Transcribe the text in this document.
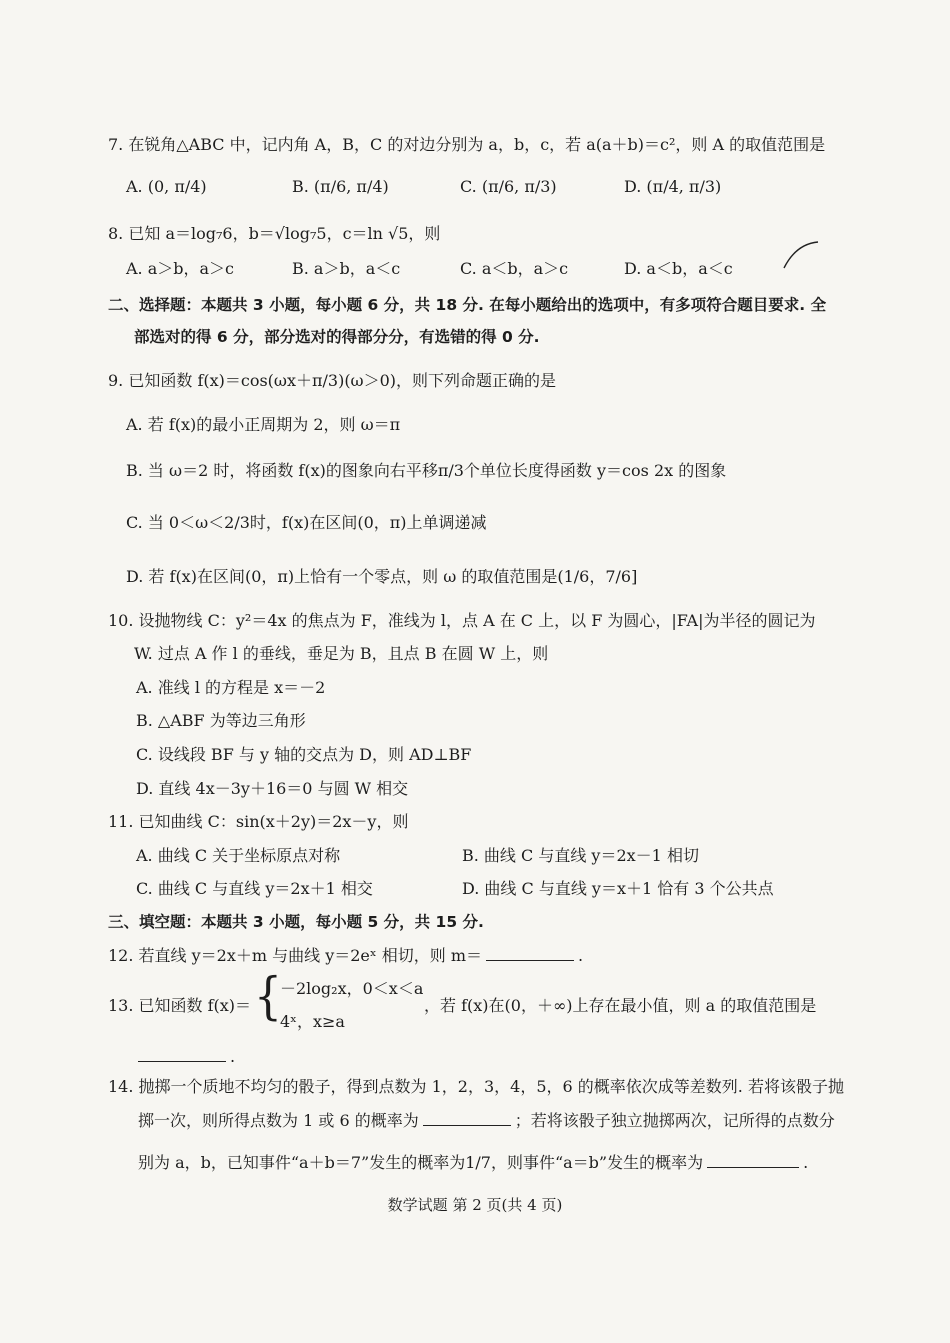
7. 在锐角△ABC 中，记内角 A，B，C 的对边分别为 a，b，c，若 a(a＋b)＝c²，则 A 的取值范围是
A. (0, π/4)	B. (π/6, π/4)	C. (π/6, π/3)	D. (π/4, π/3)
8. 已知 a＝log₇6，b＝√log₇5，c＝ln √5，则
A. a＞b，a＞c	B. a＞b，a＜c	C. a＜b，a＞c	D. a＜b，a＜c
二、选择题：本题共 3 小题，每小题 6 分，共 18 分. 在每小题给出的选项中，有多项符合题目要求. 全
部选对的得 6 分，部分选对的得部分分，有选错的得 0 分.
9. 已知函数 f(x)＝cos(ωx＋π/3)(ω＞0)，则下列命题正确的是
A. 若 f(x)的最小正周期为 2，则 ω＝π
B. 当 ω＝2 时，将函数 f(x)的图象向右平移π/3个单位长度得函数 y＝cos 2x 的图象
C. 当 0＜ω＜2/3时，f(x)在区间(0，π)上单调递减
D. 若 f(x)在区间(0，π)上恰有一个零点，则 ω 的取值范围是(1/6，7/6]
10. 设抛物线 C：y²＝4x 的焦点为 F，准线为 l，点 A 在 C 上，以 F 为圆心，|FA|为半径的圆记为
W. 过点 A 作 l 的垂线，垂足为 B，且点 B 在圆 W 上，则
A. 准线 l 的方程是 x＝－2
B. △ABF 为等边三角形
C. 设线段 BF 与 y 轴的交点为 D，则 AD⊥BF
D. 直线 4x－3y＋16＝0 与圆 W 相交
11. 已知曲线 C：sin(x＋2y)＝2x－y，则
A. 曲线 C 关于坐标原点对称	B. 曲线 C 与直线 y＝2x－1 相切
C. 曲线 C 与直线 y＝2x＋1 相交	D. 曲线 C 与直线 y＝x＋1 恰有 3 个公共点
三、填空题：本题共 3 小题，每小题 5 分，共 15 分.
12. 若直线 y＝2x＋m 与曲线 y＝2eˣ 相切，则 m＝	.
13. 已知函数 f(x)＝ {
－2log₂x，0＜x＜a
4ˣ，x≥a
，若 f(x)在(0，＋∞)上存在最小值，则 a 的取值范围是
.
14. 抛掷一个质地不均匀的骰子，得到点数为 1，2，3，4，5，6 的概率依次成等差数列. 若将该骰子抛
掷一次，则所得点数为 1 或 6 的概率为	；若将该骰子独立抛掷两次，记所得的点数分
别为 a，b，已知事件“a＋b＝7”发生的概率为1/7，则事件“a＝b”发生的概率为	.
数学试题 第 2 页(共 4 页)
